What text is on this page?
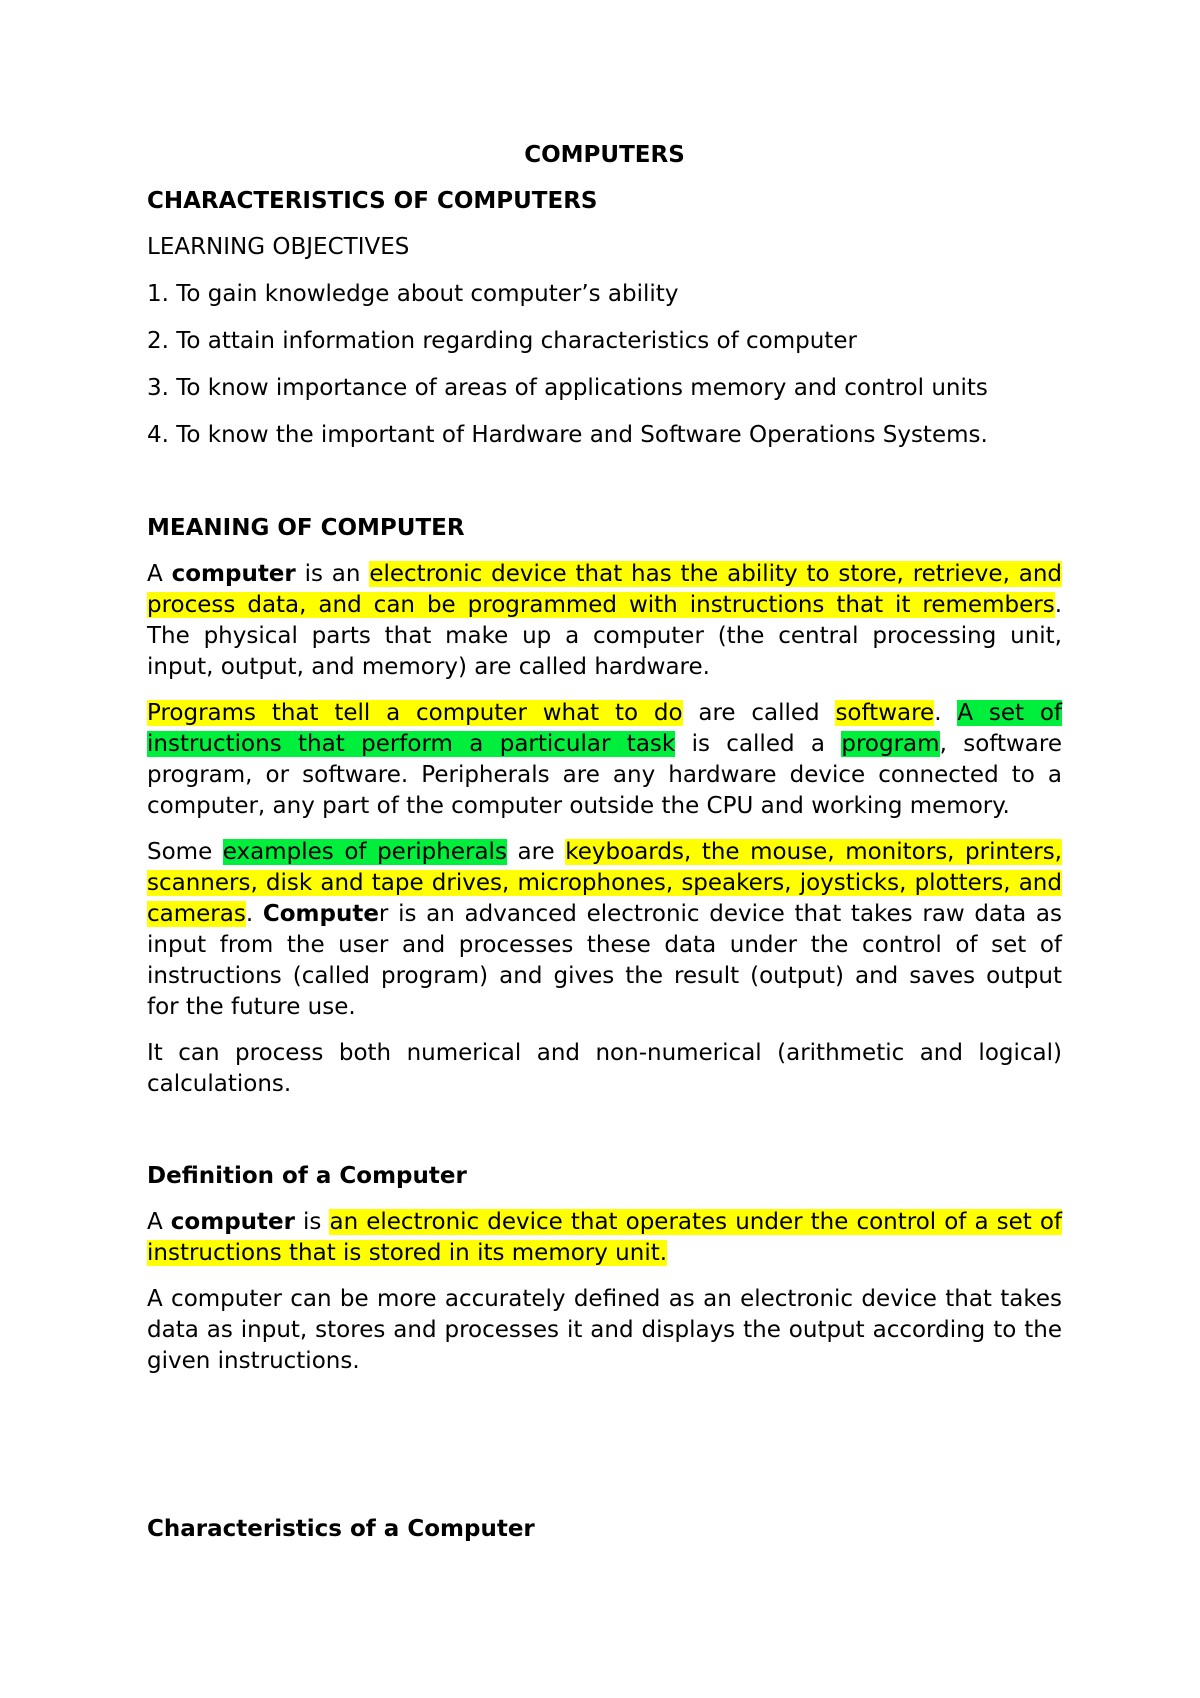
COMPUTERS

CHARACTERISTICS OF COMPUTERS

LEARNING OBJECTIVES

1. To gain knowledge about computer’s ability

2. To attain information regarding characteristics of computer

3. To know importance of areas of applications memory and control units

4. To know the important of Hardware and Software Operations Systems.

MEANING OF COMPUTER

A computer is an electronic device that has the ability to store, retrieve, and process data, and can be programmed with instructions that it remembers. The physical parts that make up a computer (the central processing unit, input, output, and memory) are called hardware.

Programs that tell a computer what to do are called software. A set of instructions that perform a particular task is called a program, software program, or software. Peripherals are any hardware device connected to a computer, any part of the computer outside the CPU and working memory.

Some examples of peripherals are keyboards, the mouse, monitors, printers, scanners, disk and tape drives, microphones, speakers, joysticks, plotters, and cameras. Computer is an advanced electronic device that takes raw data as input from the user and processes these data under the control of set of instructions (called program) and gives the result (output) and saves output for the future use.

It can process both numerical and non-numerical (arithmetic and logical) calculations.

Definition of a Computer

A computer is an electronic device that operates under the control of a set of instructions that is stored in its memory unit.

A computer can be more accurately defined as an electronic device that takes data as input, stores and processes it and displays the output according to the given instructions.

Characteristics of a Computer
